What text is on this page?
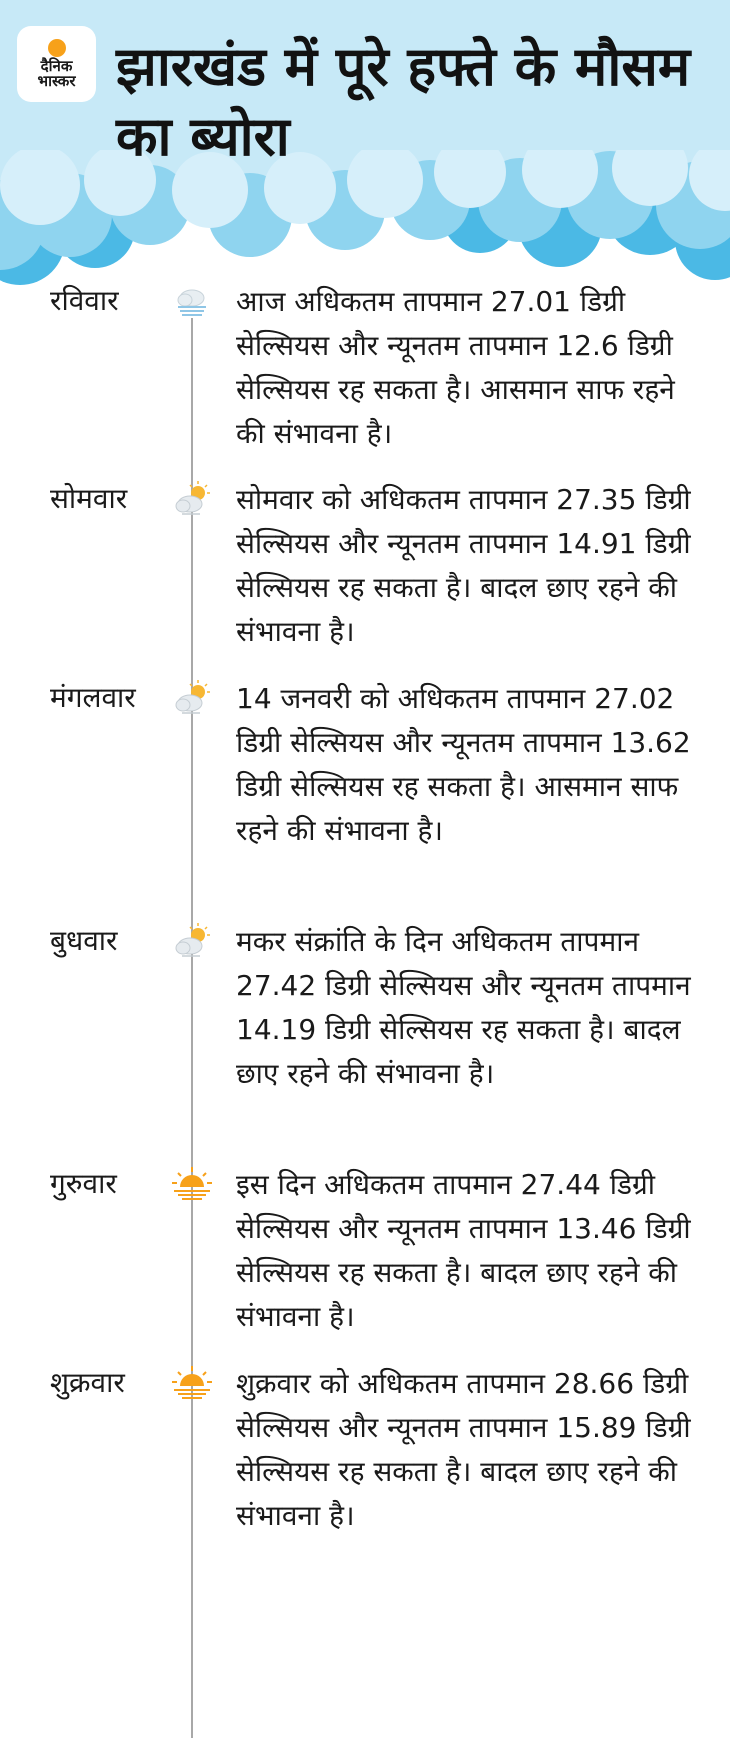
दैनिक
भास्कर झारखंड में पूरे हफ्ते के मौसम का ब्योरा
रविवार	आज अधिकतम तापमान 27.01 डिग्री सेल्सियस और न्यूनतम तापमान 12.6 डिग्री सेल्सियस रह सकता है। आसमान साफ रहने की संभावना है।
सोमवार	सोमवार को अधिकतम तापमान 27.35 डिग्री सेल्सियस और न्यूनतम तापमान 14.91 डिग्री सेल्सियस रह सकता है। बादल छाए रहने की संभावना है।
मंगलवार	14 जनवरी को अधिकतम तापमान 27.02 डिग्री सेल्सियस और न्यूनतम तापमान 13.62 डिग्री सेल्सियस रह सकता है। आसमान साफ रहने की संभावना है।
बुधवार	मकर संक्रांति के दिन अधिकतम तापमान 27.42 डिग्री सेल्सियस और न्यूनतम तापमान 14.19 डिग्री सेल्सियस रह सकता है। बादल छाए रहने की संभावना है।
गुरुवार	इस दिन अधिकतम तापमान 27.44 डिग्री सेल्सियस और न्यूनतम तापमान 13.46 डिग्री सेल्सियस रह सकता है। बादल छाए रहने की संभावना है।
शुक्रवार	शुक्रवार को अधिकतम तापमान 28.66 डिग्री सेल्सियस और न्यूनतम तापमान 15.89 डिग्री सेल्सियस रह सकता है। बादल छाए रहने की संभावना है।
